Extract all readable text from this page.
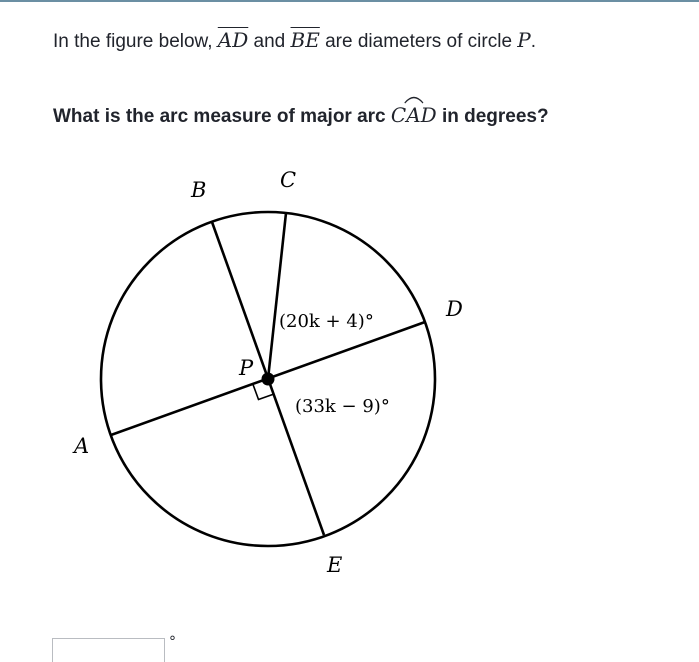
In the figure below, $\overline{AD}$ and $\overline{BE}$ are diameters of circle P.
What is the arc measure of major arc
CAD in degrees?
A
B	C
D
E
P
(20k + 4)°
(33k − 9)°
°
